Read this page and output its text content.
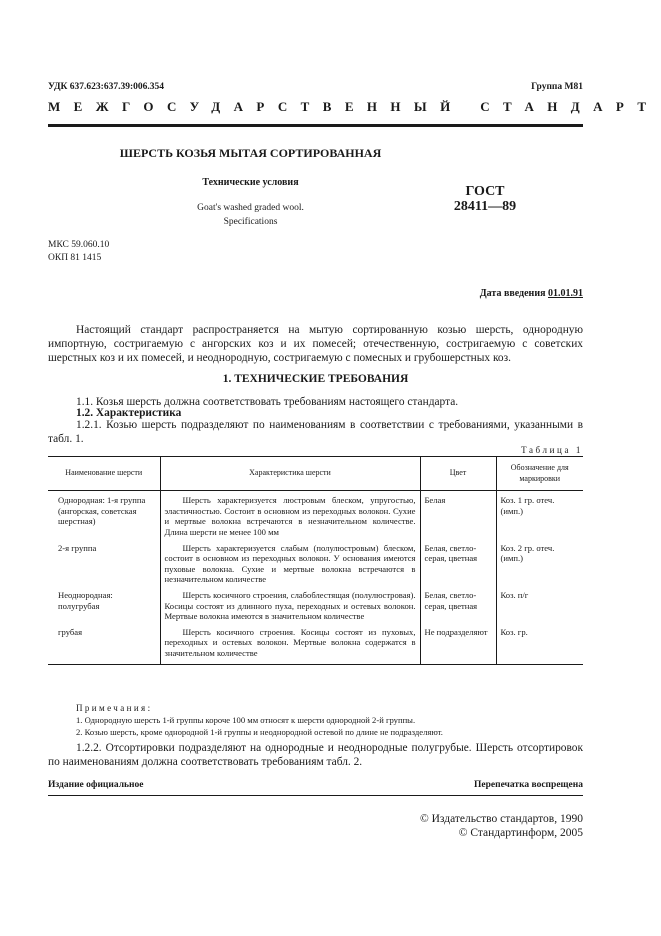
УДК 637.623:637.39:006.354	Группа М81
МЕЖГОСУДАРСТВЕННЫЙ СТАНДАРТ
ШЕРСТЬ КОЗЬЯ МЫТАЯ СОРТИРОВАННАЯ
Технические условия
Goat's washed graded wool.
Specifications
ГОСТ
28411—89
МКС 59.060.10
ОКП 81 1415
Дата введения 01.01.91
Настоящий стандарт распространяется на мытую сортированную козью шерсть, однородную импортную, состригаемую с ангорских коз и их помесей; отечественную, состригаемую с советских шерстных коз и их помесей, и неоднородную, состригаемую с помесных и грубошерстных коз.
1. ТЕХНИЧЕСКИЕ ТРЕБОВАНИЯ
1.1. Козья шерсть должна соответствовать требованиям настоящего стандарта.
1.2. Характеристика
1.2.1. Козью шерсть подразделяют по наименованиям в соответствии с требованиями, указанными в табл. 1.
Таблица 1
Наименование шерсти	Характеристика шерсти	Цвет	Обозначение для маркировки
Однородная: 1-я группа (ангорская, советская шерстная)	Шерсть характеризуется люстровым блеском, упругостью, эластичностью. Состоит в основном из переходных волокон. Сухие и мертвые волокна встречаются в незначительном количестве. Длина шерсти не менее 100 мм	Белая	Коз. 1 гр. отеч. (имп.)
2-я группа	Шерсть характеризуется слабым (полулюстровым) блеском, состоит в основном из переходных волокон. У основания имеются пуховые волокна. Сухие и мертвые волокна встречаются в незначительном количестве	Белая, светло-серая, цветная	Коз. 2 гр. отеч. (имп.)
Неоднородная: полугрубая	Шерсть косичного строения, слабоблестящая (полулюстровая). Косицы состоят из длинного пуха, переходных и остевых волокон. Мертвые волокна имеются в значительном количестве	Белая, светло-серая, цветная	Коз. п/г
грубая	Шерсть косичного строения. Косицы состоят из пуховых, переходных и остевых волокон. Мертвые волокна содержатся в значительном количестве	Не подразделяют	Коз. гр.
Примечания:
1. Однородную шерсть 1-й группы короче 100 мм относят к шерсти однородной 2-й группы.
2. Козью шерсть, кроме однородной 1-й группы и неоднородной остевой по длине не подразделяют.
1.2.2. Отсортировки подразделяют на однородные и неоднородные полугрубые. Шерсть отсортировок по наименованиям должна соответствовать требованиям табл. 2.
Издание официальное	Перепечатка воспрещена
© Издательство стандартов, 1990
© Стандартинформ, 2005
